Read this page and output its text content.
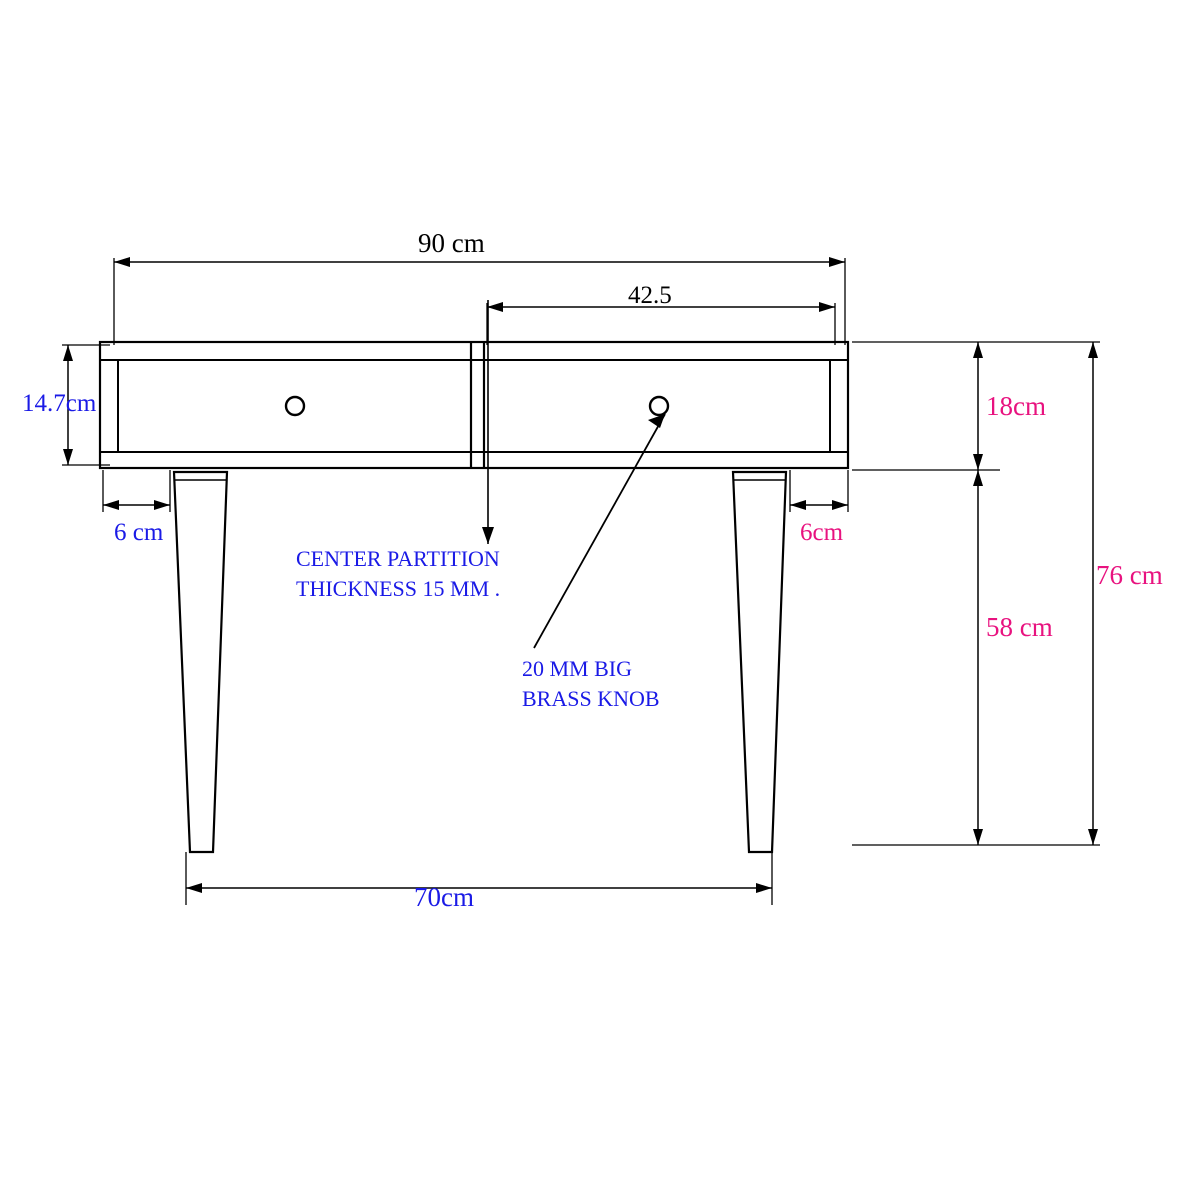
90 cm
42.5
14.7cm
6 cm	6cm
18cm
58 cm
76 cm
70cm
CENTER PARTITION
THICKNESS 15 MM .
20 MM BIG
BRASS KNOB
